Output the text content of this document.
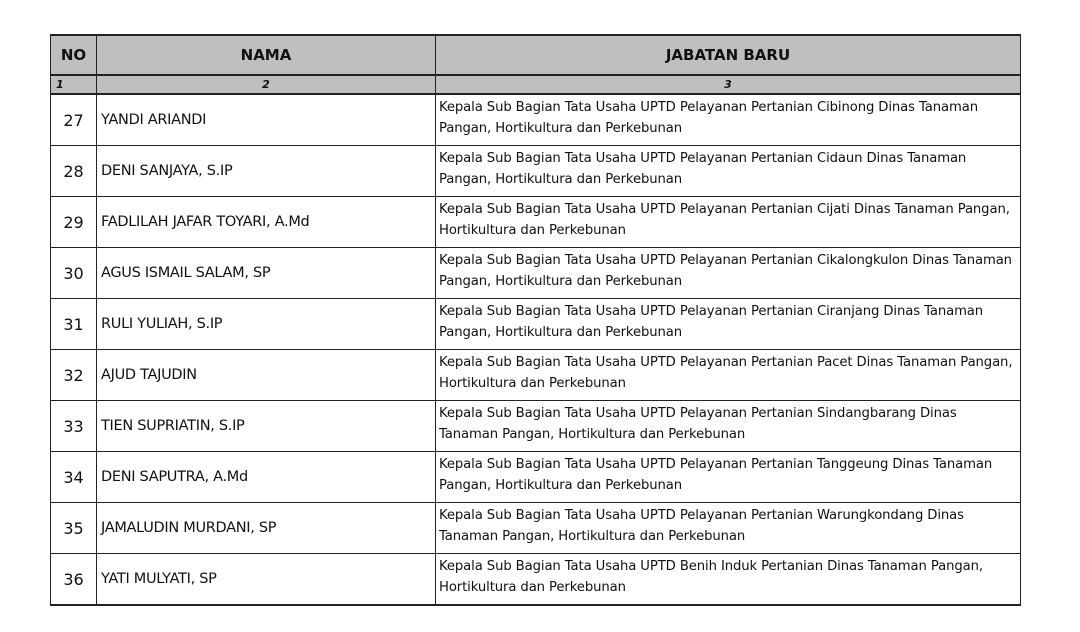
NO	NAMA	JABATAN BARU
1	2	3
27	YANDI ARIANDI	Kepala Sub Bagian Tata Usaha UPTD Pelayanan Pertanian Cibinong Dinas Tanaman Pangan, Hortikultura dan Perkebunan

28	DENI SANJAYA, S.IP	Kepala Sub Bagian Tata Usaha UPTD Pelayanan Pertanian Cidaun Dinas Tanaman Pangan, Hortikultura dan Perkebunan

29	FADLILAH JAFAR TOYARI, A.Md	Kepala Sub Bagian Tata Usaha UPTD Pelayanan Pertanian Cijati Dinas Tanaman Pangan, Hortikultura dan Perkebunan

30	AGUS ISMAIL SALAM, SP	Kepala Sub Bagian Tata Usaha UPTD Pelayanan Pertanian Cikalongkulon Dinas Tanaman Pangan, Hortikultura dan Perkebunan

31	RULI YULIAH, S.IP	Kepala Sub Bagian Tata Usaha UPTD Pelayanan Pertanian Ciranjang Dinas Tanaman Pangan, Hortikultura dan Perkebunan

32	AJUD TAJUDIN	Kepala Sub Bagian Tata Usaha UPTD Pelayanan Pertanian Pacet Dinas Tanaman Pangan, Hortikultura dan Perkebunan

33	TIEN SUPRIATIN, S.IP	Kepala Sub Bagian Tata Usaha UPTD Pelayanan Pertanian Sindangbarang Dinas Tanaman Pangan, Hortikultura dan Perkebunan

34	DENI SAPUTRA, A.Md	Kepala Sub Bagian Tata Usaha UPTD Pelayanan Pertanian Tanggeung Dinas Tanaman Pangan, Hortikultura dan Perkebunan

35	JAMALUDIN MURDANI, SP	Kepala Sub Bagian Tata Usaha UPTD Pelayanan Pertanian Warungkondang Dinas Tanaman Pangan, Hortikultura dan Perkebunan

36	YATI MULYATI, SP	Kepala Sub Bagian Tata Usaha UPTD Benih Induk Pertanian Dinas Tanaman Pangan, Hortikultura dan Perkebunan
